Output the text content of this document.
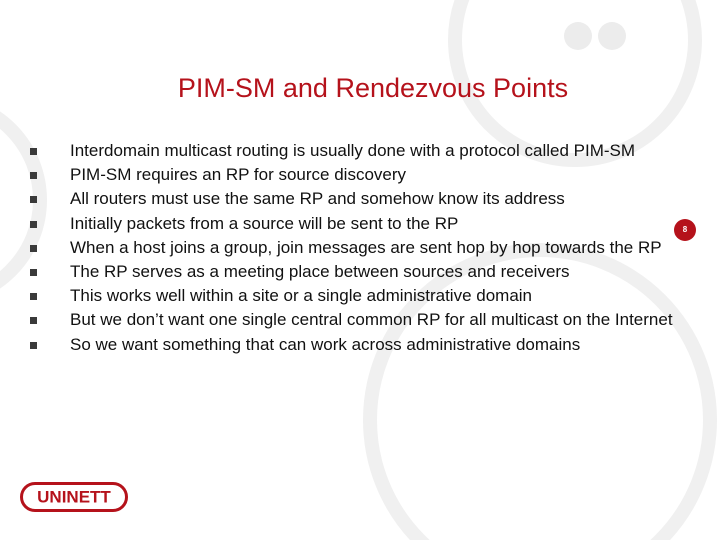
PIM-SM and Rendezvous Points
Interdomain multicast routing is usually done with a protocol called PIM-SM
PIM-SM requires an RP for source discovery
All routers must use the same RP and somehow know its address
Initially packets from a source will be sent to the RP
When a host joins a group, join messages are sent hop by hop towards the RP
The RP serves as a meeting place between sources and receivers
This works well within a site or a single administrative domain
But we don’t want one single central common RP for all multicast on the Internet
So we want something that can work across administrative domains
8
UNINETT
